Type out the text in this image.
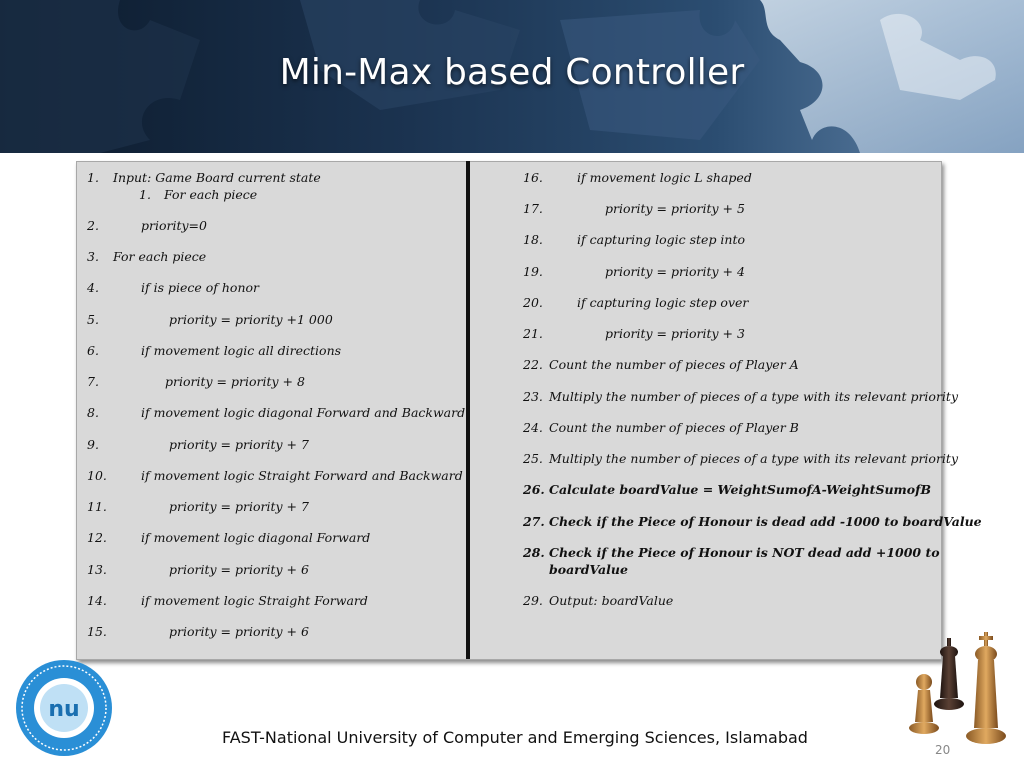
Min-Max based Controller
1. Input: Game Board current state
1. For each piece
2.	priority=0
3. For each piece
4.	if is piece of honor
5.	priority = priority +1 000
6.	if movement logic all directions
7.	priority = priority + 8
8.	if movement logic diagonal Forward and Backward
9.	priority = priority + 7
10.	if movement logic Straight Forward and Backward
11.	priority = priority + 7
12.	if movement logic diagonal Forward
13.	priority = priority + 6
14.	if movement logic Straight Forward
15.	priority = priority + 6
16.	if movement logic L shaped
17.	priority = priority + 5
18.	if capturing logic step into
19.	priority = priority + 4
20.	if capturing logic step over
21.	priority = priority + 3
22. Count the number of pieces of Player A
23. Multiply the number of pieces of a type with its relevant priority
24. Count the number of pieces of Player B
25. Multiply the number of pieces of a type with its relevant priority
26. Calculate boardValue = WeightSumofA-WeightSumofB
27. Check if the Piece of Honour is dead add -1000 to boardValue
28. Check if the Piece of Honour is NOT dead add +1000 to
boardValue
29. Output: boardValue
nu
FAST-National University of Computer and Emerging Sciences, Islamabad
20
